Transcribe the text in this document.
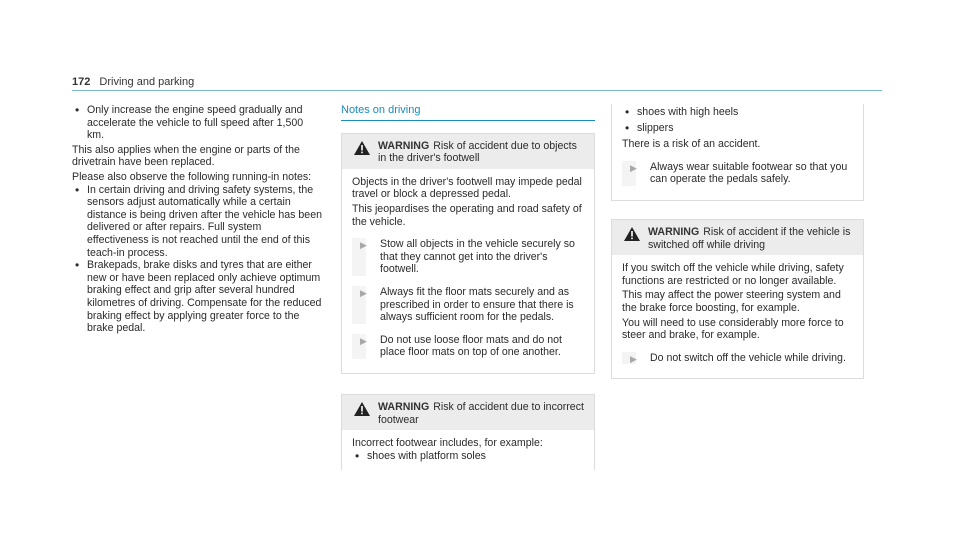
172 Driving and parking

• Only increase the engine speed gradually and accelerate the vehicle to full speed after 1,500 km.

This also applies when the engine or parts of the drivetrain have been replaced.

Please also observe the following running-in notes:

• In certain driving and driving safety systems, the sensors adjust automatically while a certain distance is being driven after the vehicle has been delivered or after repairs. Full system effectiveness is not reached until the end of this teach-in process.

• Brakepads, brake disks and tyres that are either new or have been replaced only achieve optimum braking effect and grip after several hundred kilometres of driving. Compensate for the reduced braking effect by applying greater force to the brake pedal.

Notes on driving
WARNING Risk of accident due to objects in the driver's footwell

Objects in the driver's footwell may impede pedal travel or block a depressed pedal.

This jeopardises the operating and road safety of the vehicle.

▶ Stow all objects in the vehicle securely so that they cannot get into the driver's footwell.
▶ Always fit the floor mats securely and as prescribed in order to ensure that there is always sufficient room for the pedals.
▶ Do not use loose floor mats and do not place floor mats on top of one another.
WARNING Risk of accident due to incorrect footwear

Incorrect footwear includes, for example:

• shoes with platform soles

• shoes with high heels

• slippers

There is a risk of an accident.

▶ Always wear suitable footwear so that you can operate the pedals safely.
WARNING Risk of accident if the vehicle is switched off while driving

If you switch off the vehicle while driving, safety functions are restricted or no longer available.

This may affect the power steering system and the brake force boosting, for example.

You will need to use considerably more force to steer and brake, for example.

▶ Do not switch off the vehicle while driving.
